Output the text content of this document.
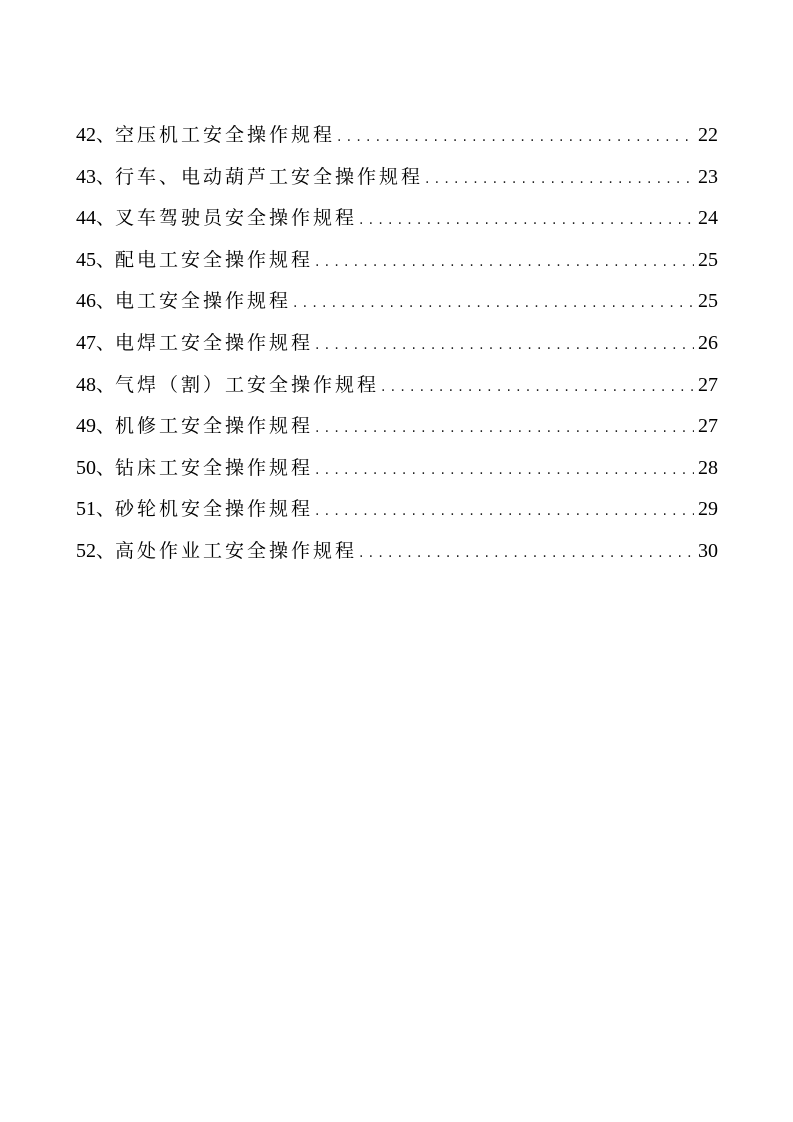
42 、 空压机工安全操作规程 .....	22
43 、 行车、电动葫芦工安全操作规程 .....	23
44 、 叉车驾驶员安全操作规程 .....	24
45 、 配电工安全操作规程 .....	25
46 、 电工安全操作规程 .....	25
47 、 电焊工安全操作规程 .....	26
48 、 气焊（割）工安全操作规程 .....	27
49 、 机修工安全操作规程 .....	27
50 、 钻床工安全操作规程 .....	28
51 、 砂轮机安全操作规程 .....	29
52 、 高处作业工安全操作规程 .....	30
